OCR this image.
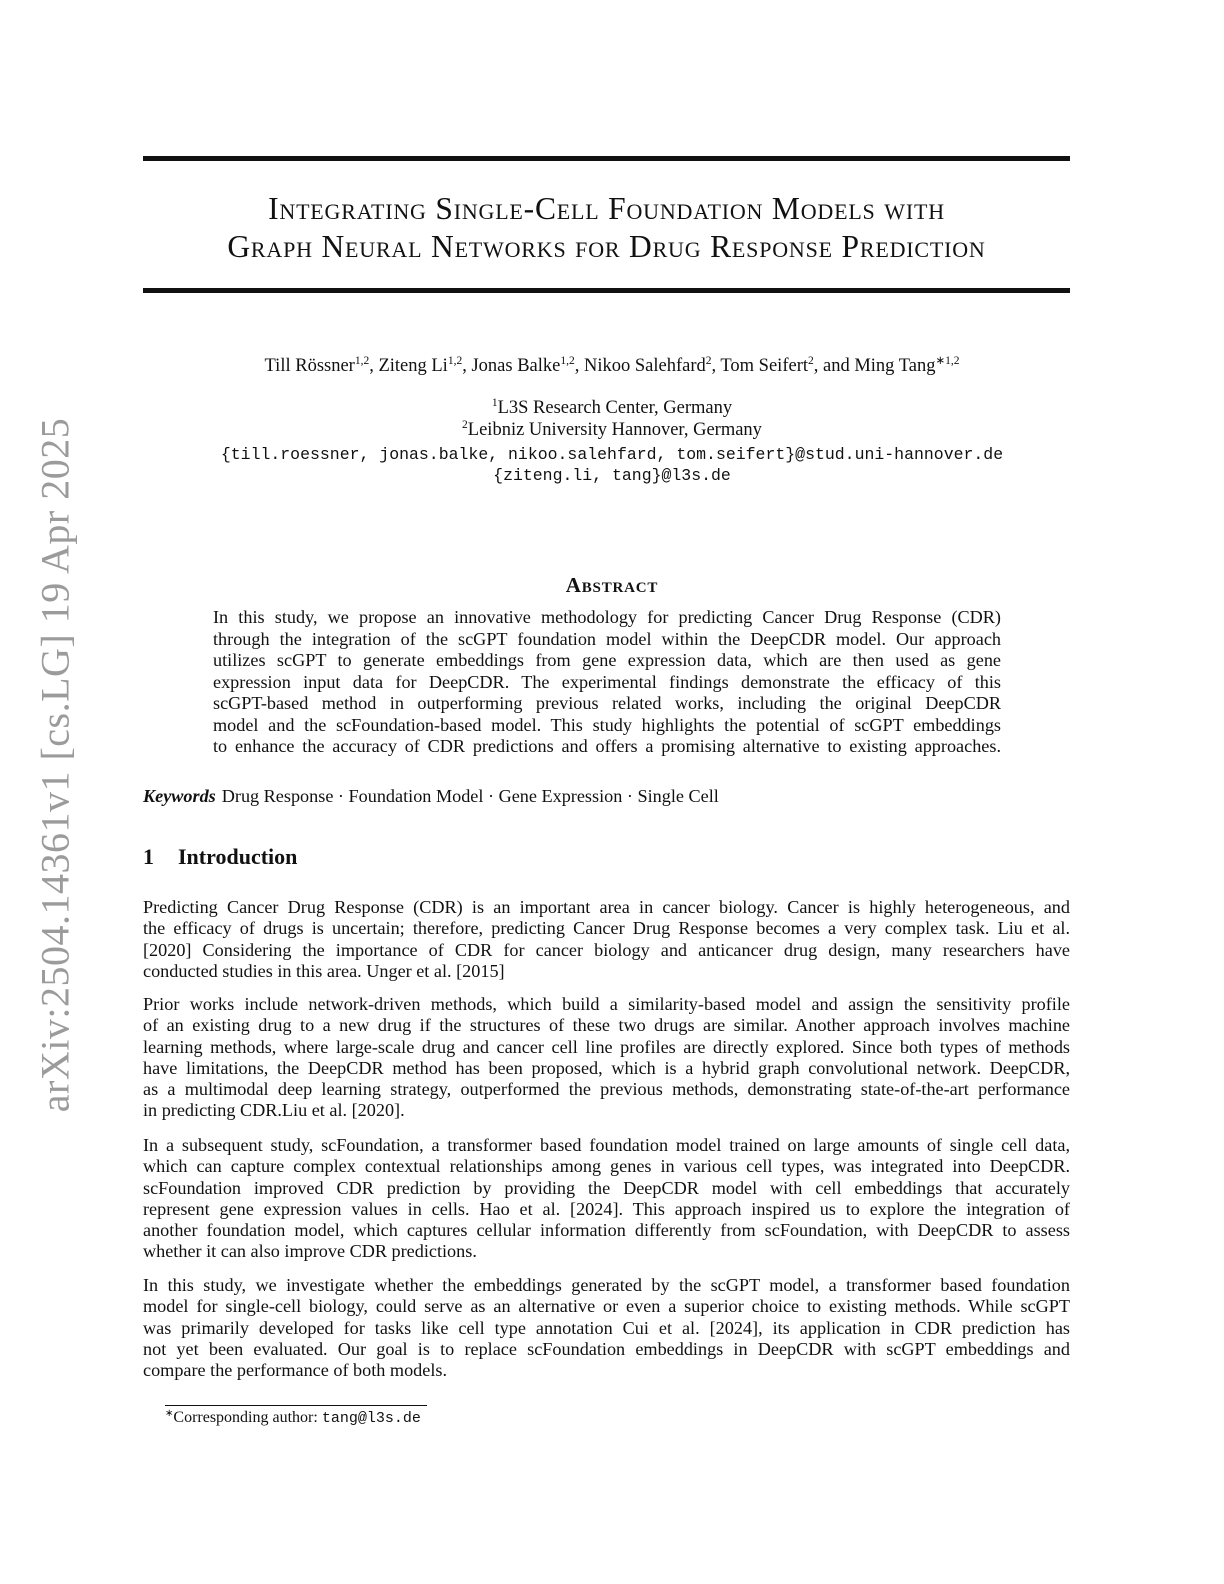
arXiv:2504.14361v1 [cs.LG] 19 Apr 2025
Integrating Single-Cell Foundation Models with
Graph Neural Networks for Drug Response Prediction
Till Rössner$^{1,2}$, Ziteng Li$^{1,2}$, Jonas Balke$^{1,2}$, Nikoo Salehfard$^2$, Tom Seifert$^2$, and Ming Tang$^{∗1,2}$
$^1$L3S Research Center, Germany
$^2$Leibniz University Hannover, Germany
{till.roessner, jonas.balke, nikoo.salehfard, tom.seifert}@stud.uni-hannover.de
{ziteng.li, tang}@l3s.de
Abstract
In this study, we propose an innovative methodology for predicting Cancer Drug Response (CDR)
through the integration of the scGPT foundation model within the DeepCDR model. Our approach
utilizes scGPT to generate embeddings from gene expression data, which are then used as gene
expression input data for DeepCDR. The experimental findings demonstrate the efficacy of this
scGPT-based method in outperforming previous related works, including the original DeepCDR
model and the scFoundation-based model. This study highlights the potential of scGPT embeddings
to enhance the accuracy of CDR predictions and offers a promising alternative to existing approaches.
Keywords Drug Response · Foundation Model · Gene Expression · Single Cell
1 Introduction
Predicting Cancer Drug Response (CDR) is an important area in cancer biology. Cancer is highly heterogeneous, and
the efficacy of drugs is uncertain; therefore, predicting Cancer Drug Response becomes a very complex task. Liu et al.
[2020] Considering the importance of CDR for cancer biology and anticancer drug design, many researchers have
conducted studies in this area. Unger et al. [2015]
Prior works include network-driven methods, which build a similarity-based model and assign the sensitivity profile
of an existing drug to a new drug if the structures of these two drugs are similar. Another approach involves machine
learning methods, where large-scale drug and cancer cell line profiles are directly explored. Since both types of methods
have limitations, the DeepCDR method has been proposed, which is a hybrid graph convolutional network. DeepCDR,
as a multimodal deep learning strategy, outperformed the previous methods, demonstrating state-of-the-art performance
in predicting CDR.Liu et al. [2020].
In a subsequent study, scFoundation, a transformer based foundation model trained on large amounts of single cell data,
which can capture complex contextual relationships among genes in various cell types, was integrated into DeepCDR.
scFoundation improved CDR prediction by providing the DeepCDR model with cell embeddings that accurately
represent gene expression values in cells. Hao et al. [2024]. This approach inspired us to explore the integration of
another foundation model, which captures cellular information differently from scFoundation, with DeepCDR to assess
whether it can also improve CDR predictions.
In this study, we investigate whether the embeddings generated by the scGPT model, a transformer based foundation
model for single-cell biology, could serve as an alternative or even a superior choice to existing methods. While scGPT
was primarily developed for tasks like cell type annotation Cui et al. [2024], its application in CDR prediction has
not yet been evaluated. Our goal is to replace scFoundation embeddings in DeepCDR with scGPT embeddings and
compare the performance of both models.
∗Corresponding author: tang@l3s.de
